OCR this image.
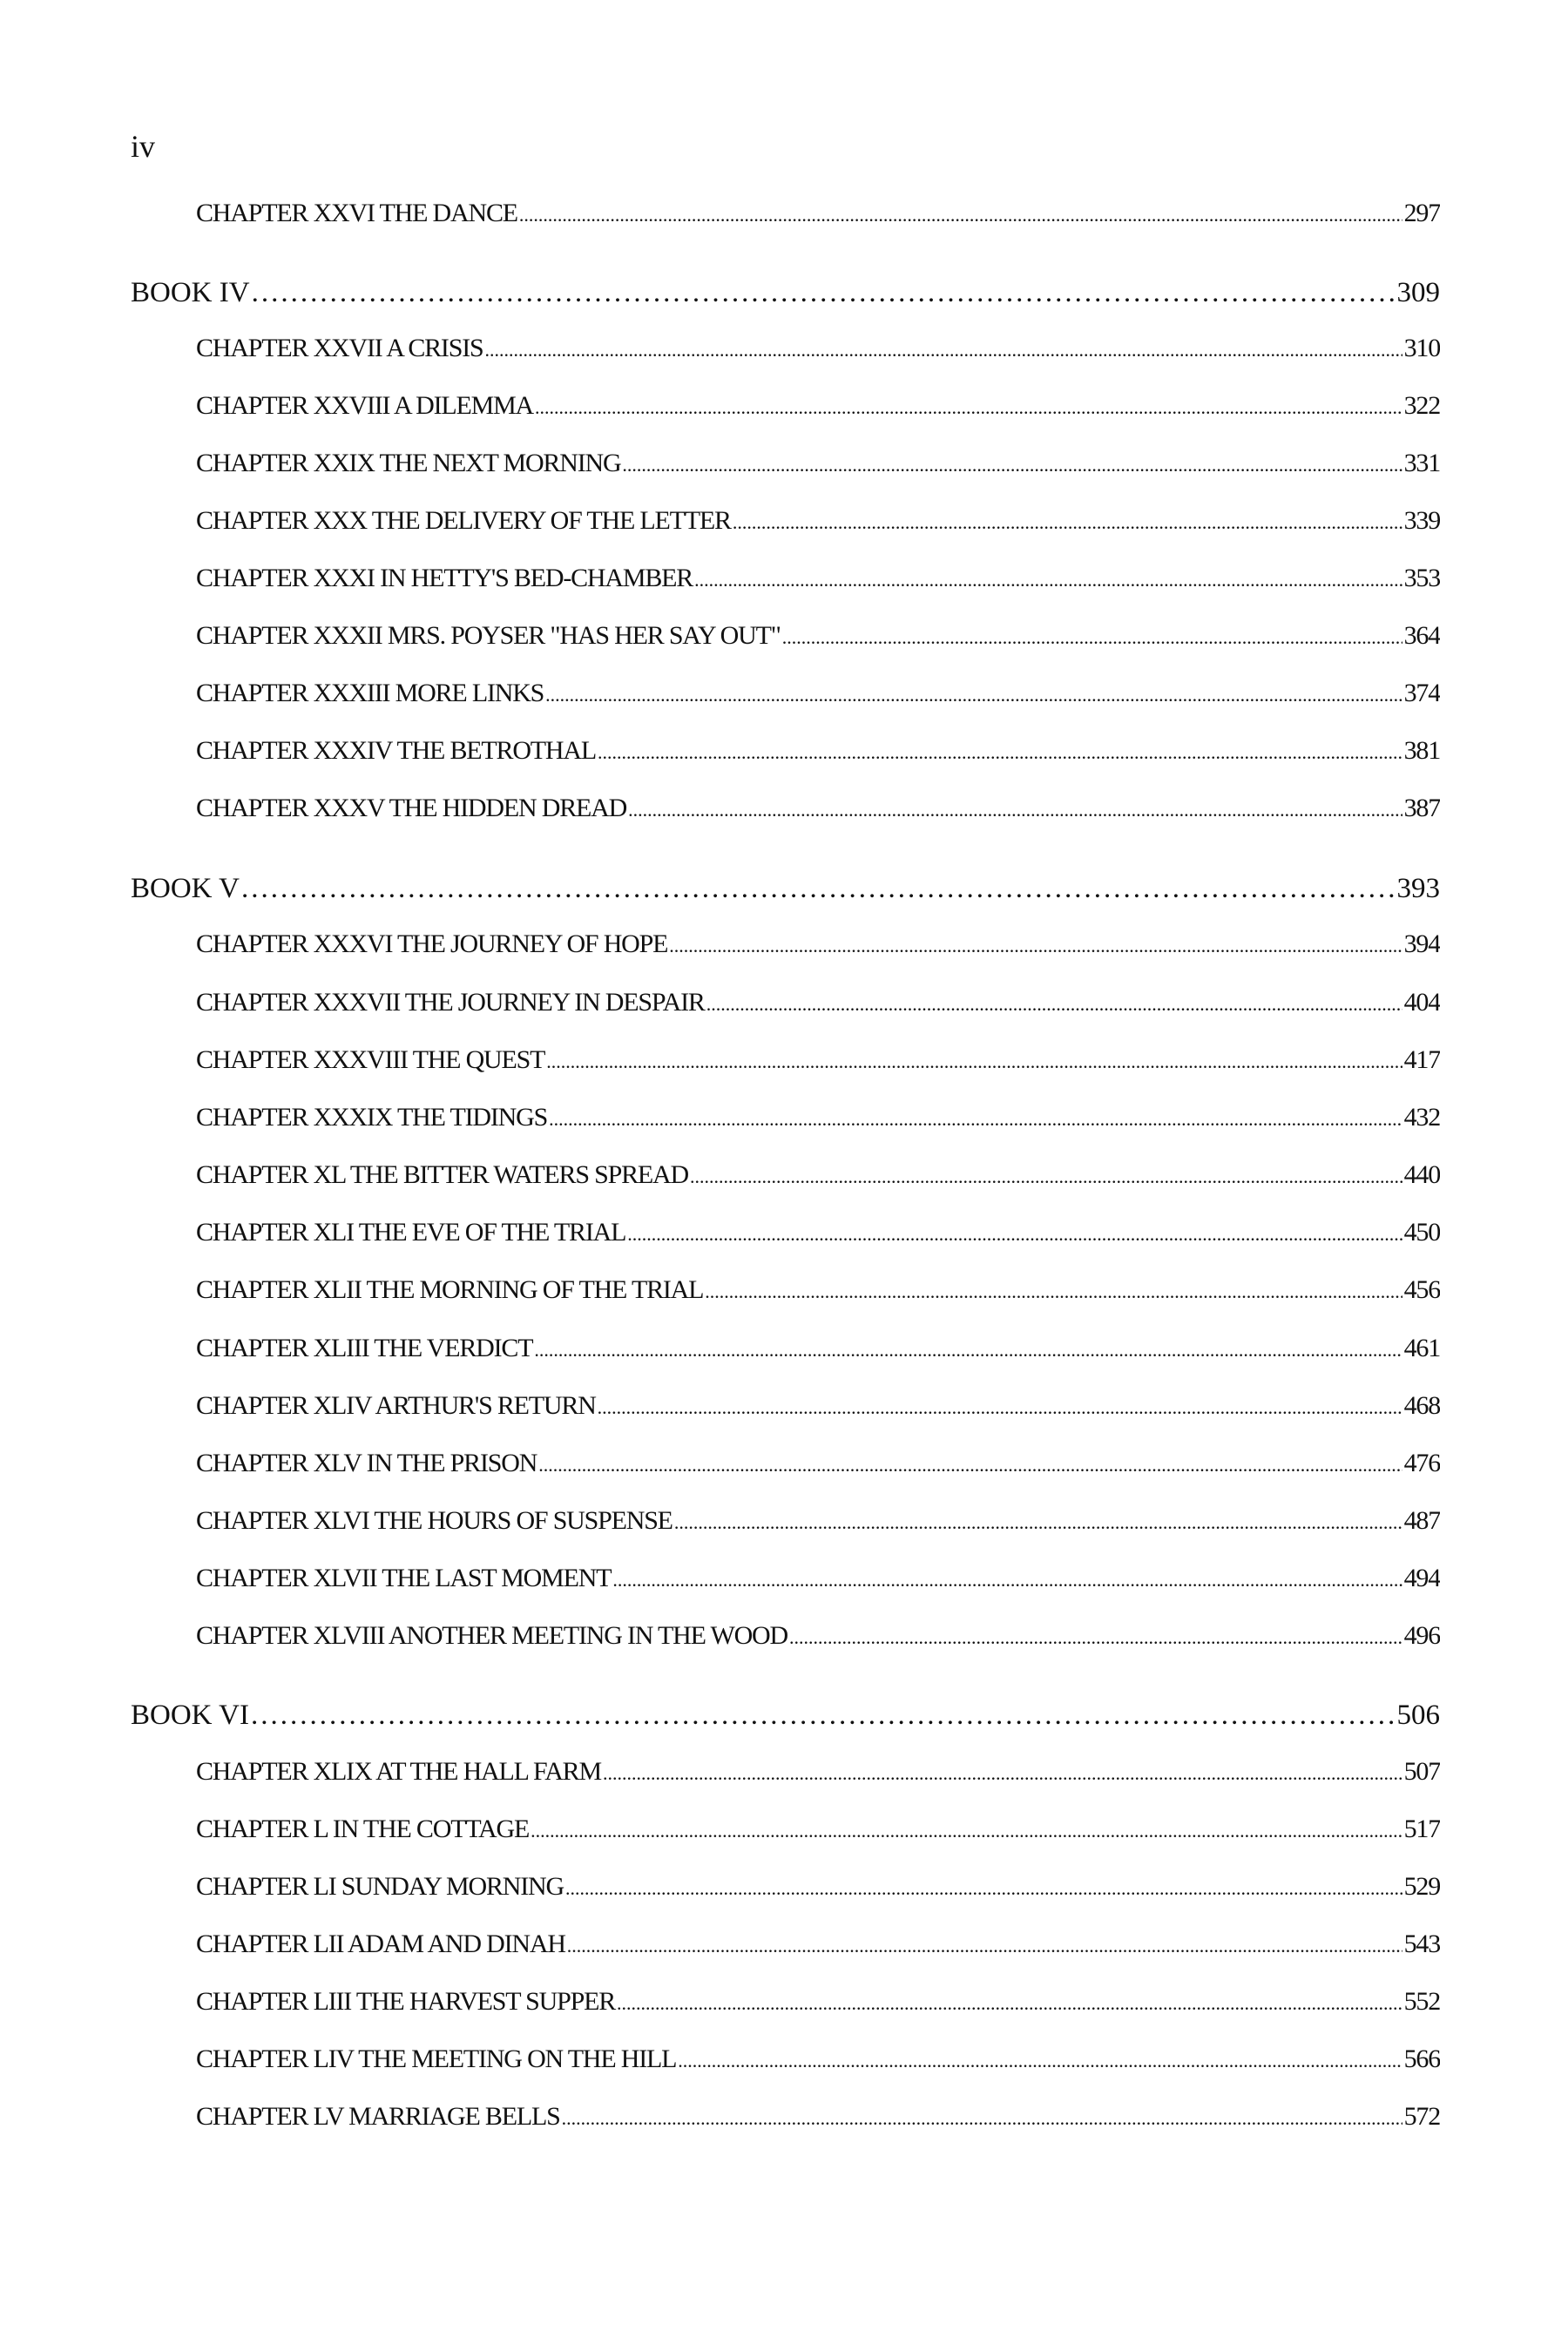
iv
CHAPTER XXVI THE DANCE .....	297
BOOK IV .....	309
CHAPTER XXVII A CRISIS .....	310
CHAPTER XXVIII A DILEMMA .....	322
CHAPTER XXIX THE NEXT MORNING .....	331
CHAPTER XXX THE DELIVERY OF THE LETTER .....	339
CHAPTER XXXI IN HETTY'S BED-CHAMBER .....	353
CHAPTER XXXII MRS. POYSER "HAS HER SAY OUT" .....	364
CHAPTER XXXIII MORE LINKS .....	374
CHAPTER XXXIV THE BETROTHAL .....	381
CHAPTER XXXV THE HIDDEN DREAD .....	387
BOOK V .....	393
CHAPTER XXXVI THE JOURNEY OF HOPE .....	394
CHAPTER XXXVII THE JOURNEY IN DESPAIR .....	404
CHAPTER XXXVIII THE QUEST .....	417
CHAPTER XXXIX THE TIDINGS .....	432
CHAPTER XL THE BITTER WATERS SPREAD .....	440
CHAPTER XLI THE EVE OF THE TRIAL .....	450
CHAPTER XLII THE MORNING OF THE TRIAL .....	456
CHAPTER XLIII THE VERDICT .....	461
CHAPTER XLIV ARTHUR'S RETURN .....	468
CHAPTER XLV IN THE PRISON .....	476
CHAPTER XLVI THE HOURS OF SUSPENSE .....	487
CHAPTER XLVII THE LAST MOMENT .....	494
CHAPTER XLVIII ANOTHER MEETING IN THE WOOD .....	496
BOOK VI .....	506
CHAPTER XLIX AT THE HALL FARM .....	507
CHAPTER L IN THE COTTAGE .....	517
CHAPTER LI SUNDAY MORNING .....	529
CHAPTER LII ADAM AND DINAH .....	543
CHAPTER LIII THE HARVEST SUPPER .....	552
CHAPTER LIV THE MEETING ON THE HILL .....	566
CHAPTER LV MARRIAGE BELLS .....	572
